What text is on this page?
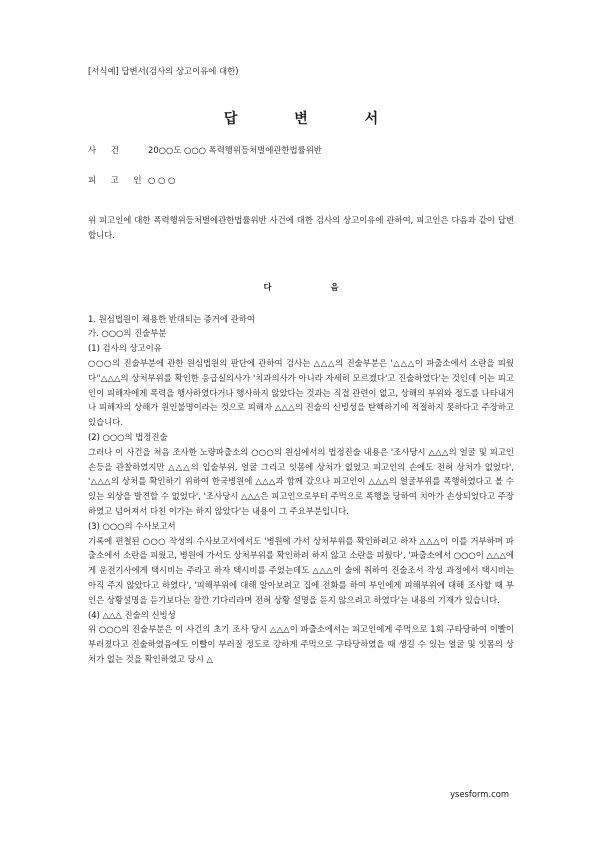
[서식예] 답변서(검사의 상고이유에 대한)
답 변 서
사 건	20○○도 ○○○ 폭력행위등처벌에관한법률위반
피 고 인 ○ ○ ○

위 피고인에 대한 폭력행위등처벌에관한법률위반 사건에 대한 검사의 상고이유에 관하여, 피고인은 다음과 같이 답변합니다.

다 음

1. 원심법원이 채용한 반대되는 증거에 관하여

가. ○○○의 진술부분

(1) 검사의 상고이유

○○○의 진술부분에 관한 원심법원의 판단에 관하여 검사는 △△△의 진술부분은 '△△△이 파출소에서 소란을 피웠다''△△△의 상처부위를 확인한 응급실의사가 '치과의사가 아니라 자세히 모르겠다'고 진술하였다'는 것인데 이는 피고인이 피해자에게 폭력을 행사하였다거나 행사하지 않았다는 것과는 직접 관련이 없고, 상해의 부위와 정도를 나타내거나 피해자의 상해가 원인불명이라는 것으로 피해자 △△△의 진술의 신빙성을 탄핵하기에 적절하지 못하다고 주장하고 있습니다.

(2) ○○○의 법정진술

그러나 이 사건을 처음 조사한 노량파출소의 ○○○의 원심에서의 법정진술 내용은 '조사당시 △△△의 얼굴 및 피고인 손등을 관찰하였지만 △△△의 입술부위, 얼굴 그리고 잇몸에 상처가 없었고 피고인의 손에도 전혀 상처가 없었다', '△△△의 상처를 확인하기 위하여 한국병원에 △△△과 함께 갔으나 피고인이 △△△의 얼굴부위를 폭행하였다고 볼 수 있는 외상을 발견할 수 없었다', '조사당시 △△△은 피고인으로부터 주먹으로 폭행을 당하여 치아가 손상되었다고 주장하였고 넘어져서 다친 이가는 하지 않았다'는 내용이 그 주요부분입니다.

(3) ○○○의 수사보고서

기록에 편철된 ○○○ 작성의 수사보고서에서도 '병원에 가서 상처부위를 확인하려고 하자 △△△이 이를 거부하며 파출소에서 소란을 피웠고, 병원에 가서도 상처부위를 확인하려 하지 않고 소란을 피웠다', '파출소에서 ○○○이 △△△에게 운전기사에게 택시비는 주라고 하자 택시비를 주었는데도 △△△이 술에 취하여 진술조서 작성 과정에서 택시비는 아직 주지 않았다고 하였다', '피해부위에 대해 알아보려고 집에 전화를 하여 부인에게 피해부위에 대해 조사할 때 부인은 상황설명을 듣기보다는 잠깐 기다리라며 전혀 상황 설명을 듣지 않으려고 하였다'는 내용의 기재가 있습니다.

(4) △△△ 진술의 신빙성

위 ○○○의 진술부분은 이 사건의 초기 조사 당시 △△△이 파출소에서는 피고인에게 주먹으로 1회 구타당하여 이빨이 부러졌다고 진술하였음에도 이빨이 부러질 정도로 강하게 주먹으로 구타당하였을 때 생길 수 있는 얼굴 및 잇몸의 상처가 없는 것을 확인하였고 당시 △

ysesform.com
